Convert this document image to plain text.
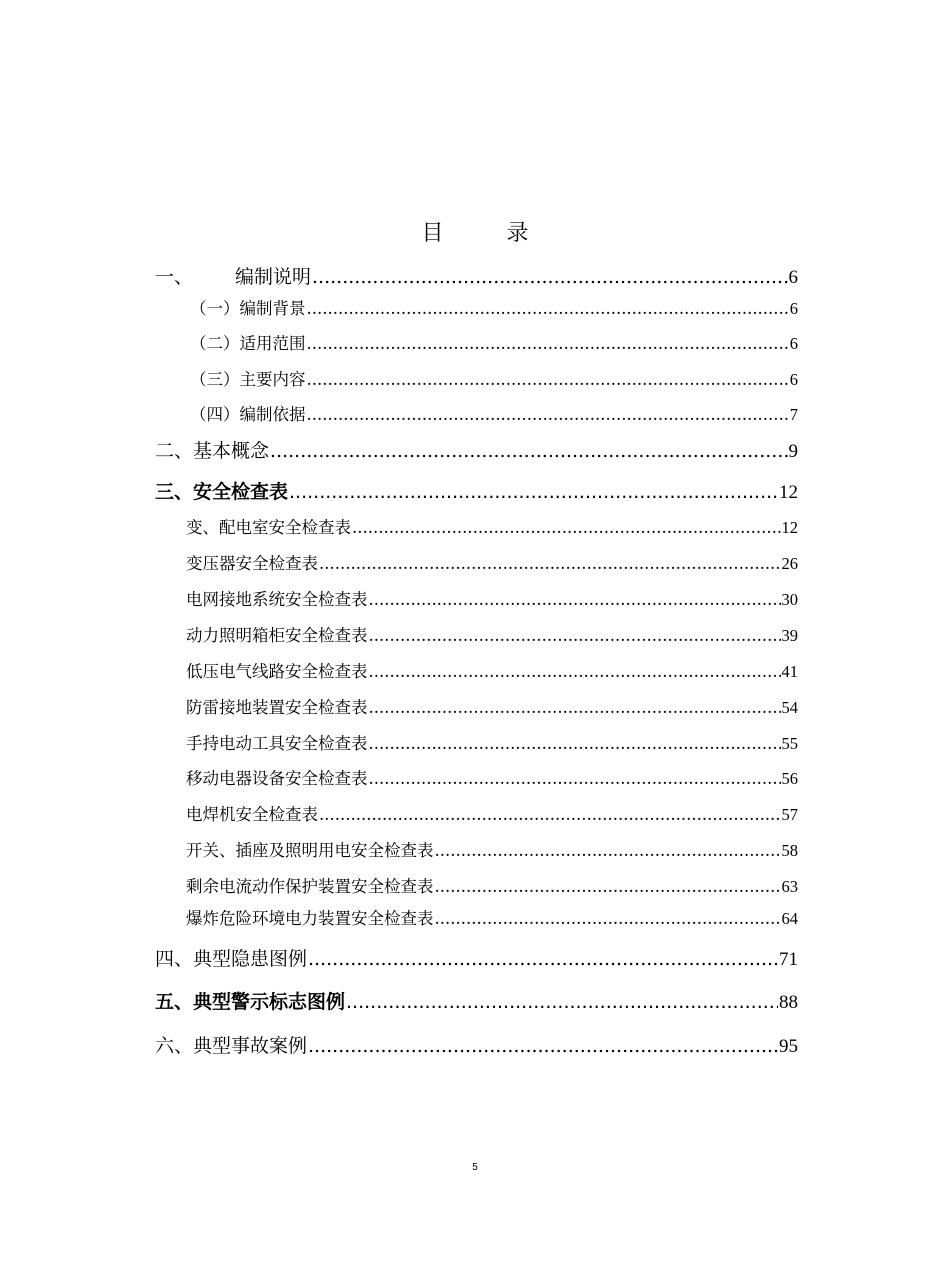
目 录
一、 编制说明 .....	6
（一）编制背景 .....	6
（二）适用范围 .....	6
（三）主要内容 .....	6
（四）编制依据 .....	7
二、基本概念 .....	9
三、安全检查表 .....	12
变、配电室安全检查表 .....	12
变压器安全检查表 .....	26
电网接地系统安全检查表 .....	30
动力照明箱柜安全检查表 .....	39
低压电气线路安全检查表 .....	41
防雷接地装置安全检查表 .....	54
手持电动工具安全检查表 .....	55
移动电器设备安全检查表 .....	56
电焊机安全检查表 .....	57
开关、插座及照明用电安全检查表 .....	58
剩余电流动作保护装置安全检查表 .....	63
爆炸危险环境电力装置安全检查表 .....	64
四、典型隐患图例 .....	71
五、典型警示标志图例 .....	88
六、典型事故案例 .....	95
5
